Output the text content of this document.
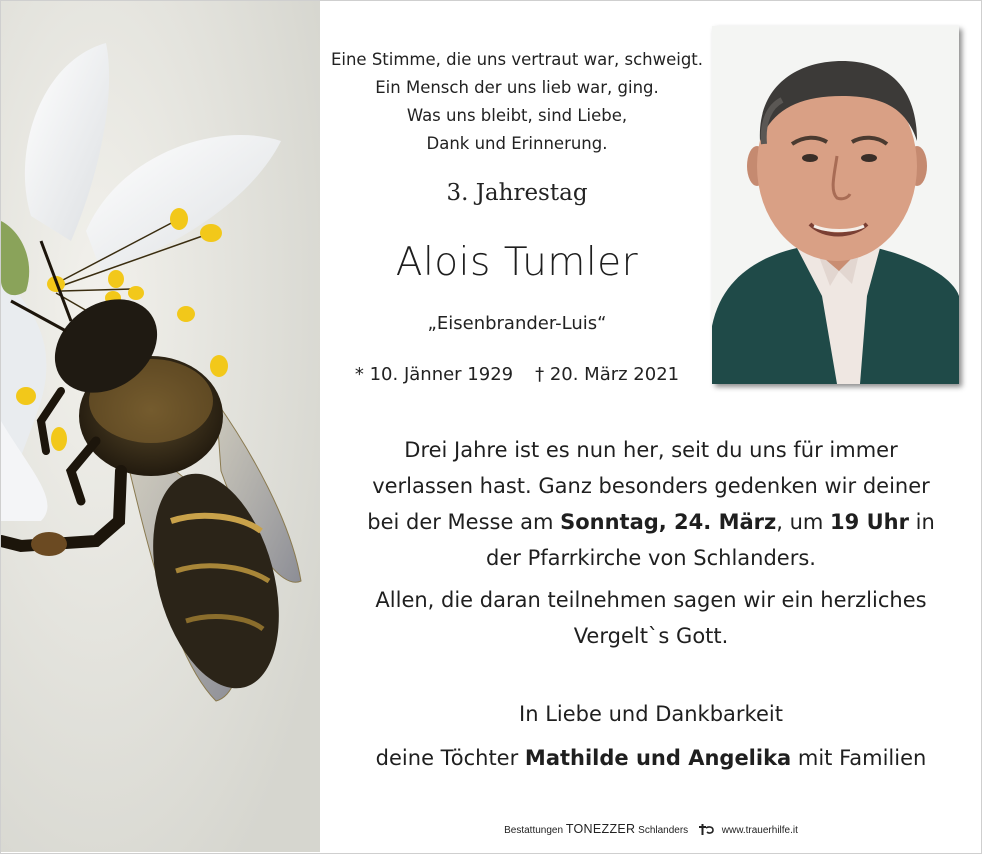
Eine Stimme, die uns vertraut war, schweigt.
Ein Mensch der uns lieb war, ging.
Was uns bleibt, sind Liebe,
Dank und Erinnerung.
3. Jahrestag
Alois Tumler
„Eisenbrander-Luis“
* 10. Jänner 1929 † 20. März 2021
Drei Jahre ist es nun her, seit du uns für immer
verlassen hast. Ganz besonders gedenken wir deiner
bei der Messe am Sonntag, 24. März, um 19 Uhr in
der Pfarrkirche von Schlanders.
Allen, die daran teilnehmen sagen wir ein herzliches
Vergelt`s Gott.
In Liebe und Dankbarkeit
deine Töchter Mathilde und Angelika mit Familien
Bestattungen TONEZZER Schlanders	www.trauerhilfe.it
